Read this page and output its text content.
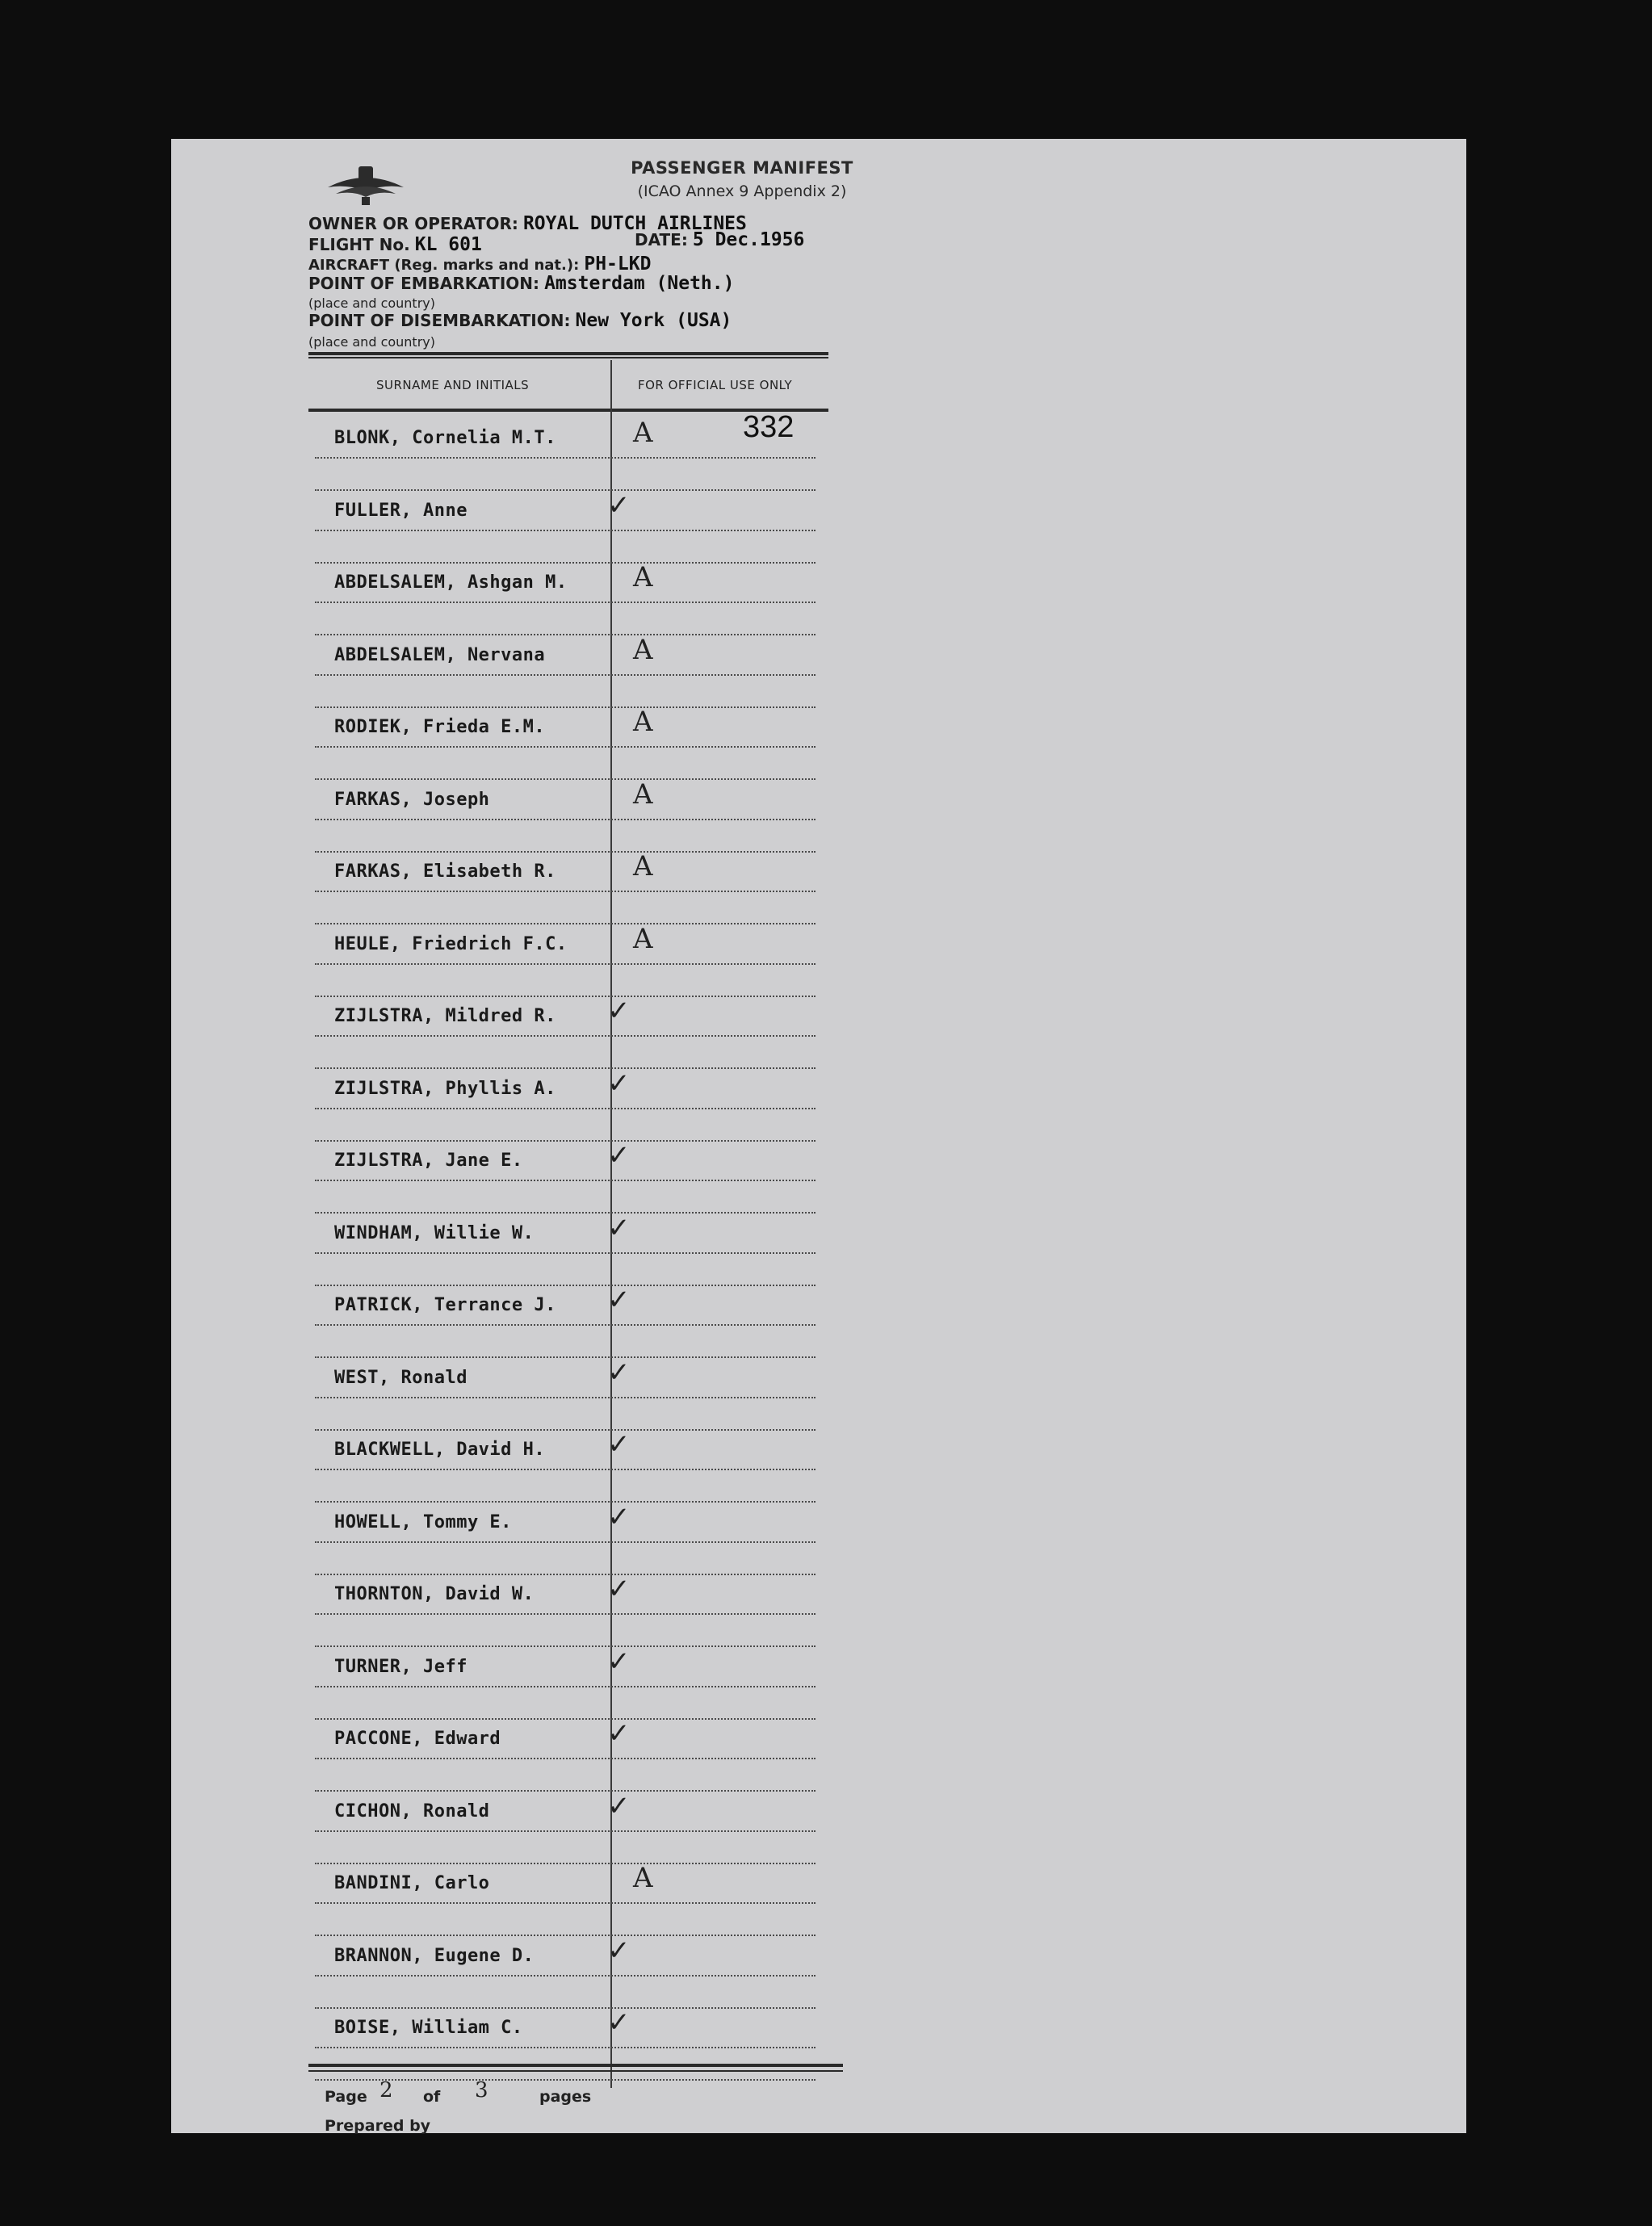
PASSENGER MANIFEST
(ICAO Annex 9 Appendix 2)
OWNER OR OPERATOR: ROYAL DUTCH AIRLINES
FLIGHT No. KL 601	DATE: 5 Dec.1956
AIRCRAFT (Reg. marks and nat.): PH-LKD
POINT OF EMBARKATION: Amsterdam (Neth.)
(place and country)
POINT OF DISEMBARKATION: New York (USA)
(place and country)
SURNAME AND INITIALS	FOR OFFICIAL USE ONLY
332
BLONK, Cornelia M.T.	A
FULLER, Anne	✓
ABDELSALEM, Ashgan M. A
ABDELSALEM, Nervana	A
RODIEK, Frieda E.M.	A
FARKAS, Joseph	A
FARKAS, Elisabeth R.	A
HEULE, Friedrich F.C. A
ZIJLSTRA, Mildred R. ✓
ZIJLSTRA, Phyllis A. ✓
ZIJLSTRA, Jane E.	✓
WINDHAM, Willie W.	✓
PATRICK, Terrance J. ✓
WEST, Ronald	✓
BLACKWELL, David H. ✓
HOWELL, Tommy E.	✓
THORNTON, David W.	✓
TURNER, Jeff	✓
PACCONE, Edward	✓
CICHON, Ronald	✓
BANDINI, Carlo	A
BRANNON, Eugene D.	✓
BOISE, William C.	✓
Page 2 of 3	pages
Prepared by
